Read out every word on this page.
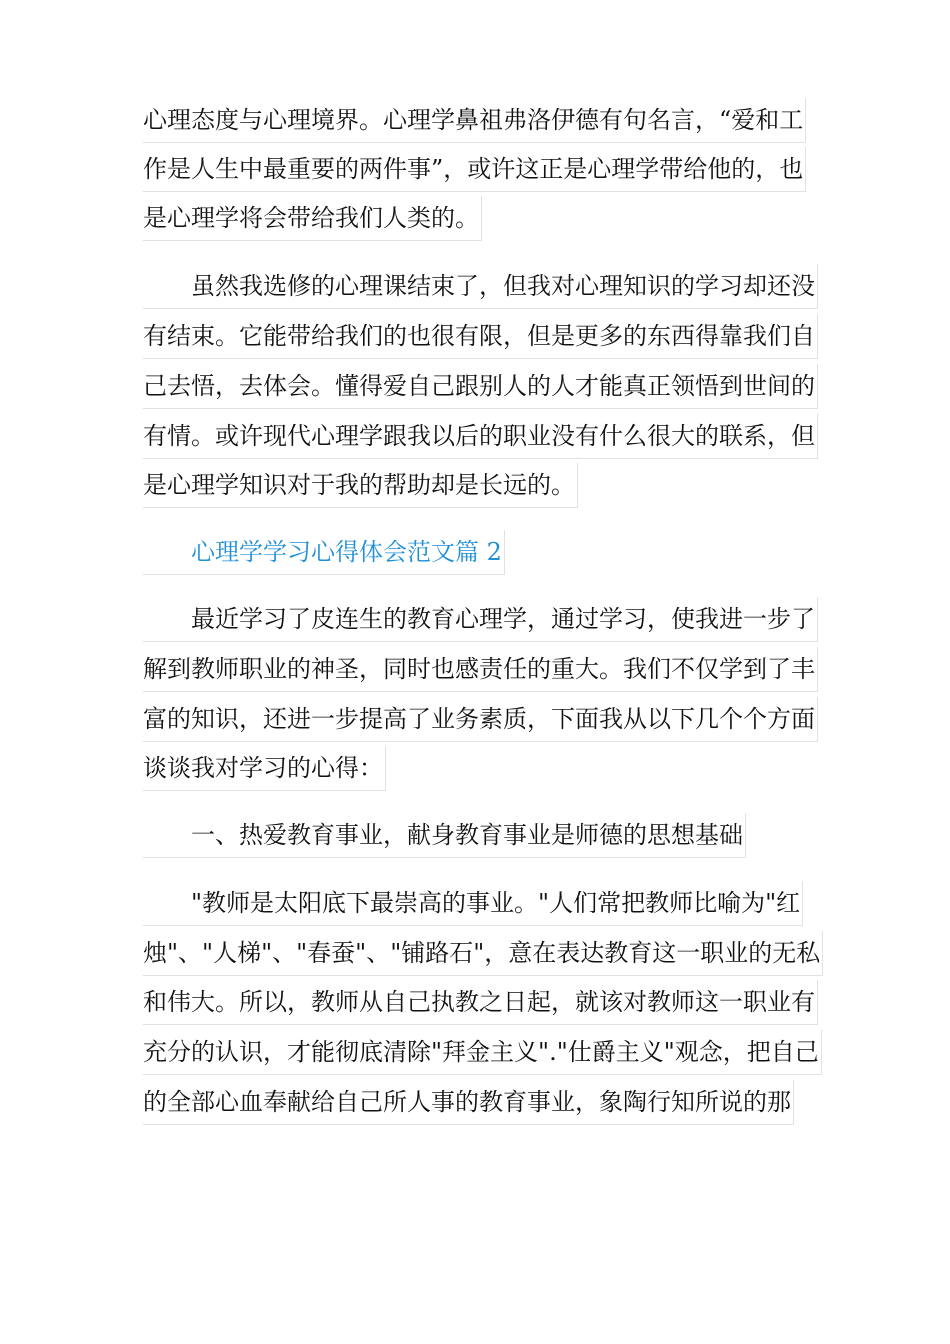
心理态度与心理境界。心理学鼻祖弗洛伊德有句名言，“爱和工
作是人生中最重要的两件事”，或许这正是心理学带给他的，也
是心理学将会带给我们人类的。
　　虽然我选修的心理课结束了，但我对心理知识的学习却还没
有结束。它能带给我们的也很有限，但是更多的东西得靠我们自
己去悟，去体会。懂得爱自己跟别人的人才能真正领悟到世间的
有情。或许现代心理学跟我以后的职业没有什么很大的联系，但
是心理学知识对于我的帮助却是长远的。
　　心理学学习心得体会范文篇 2
　　最近学习了皮连生的教育心理学，通过学习，使我进一步了
解到教师职业的神圣，同时也感责任的重大。我们不仅学到了丰
富的知识，还进一步提高了业务素质，下面我从以下几个个方面
谈谈我对学习的心得：
　　一、热爱教育事业，献身教育事业是师德的思想基础
　　"教师是太阳底下最崇高的事业。"人们常把教师比喻为"红
烛"、"人梯"、"春蚕"、"铺路石"，意在表达教育这一职业的无私
和伟大。所以，教师从自己执教之日起，就该对教师这一职业有
充分的认识，才能彻底清除"拜金主义"."仕爵主义"观念，把自己
的全部心血奉献给自己所人事的教育事业，象陶行知所说的那
